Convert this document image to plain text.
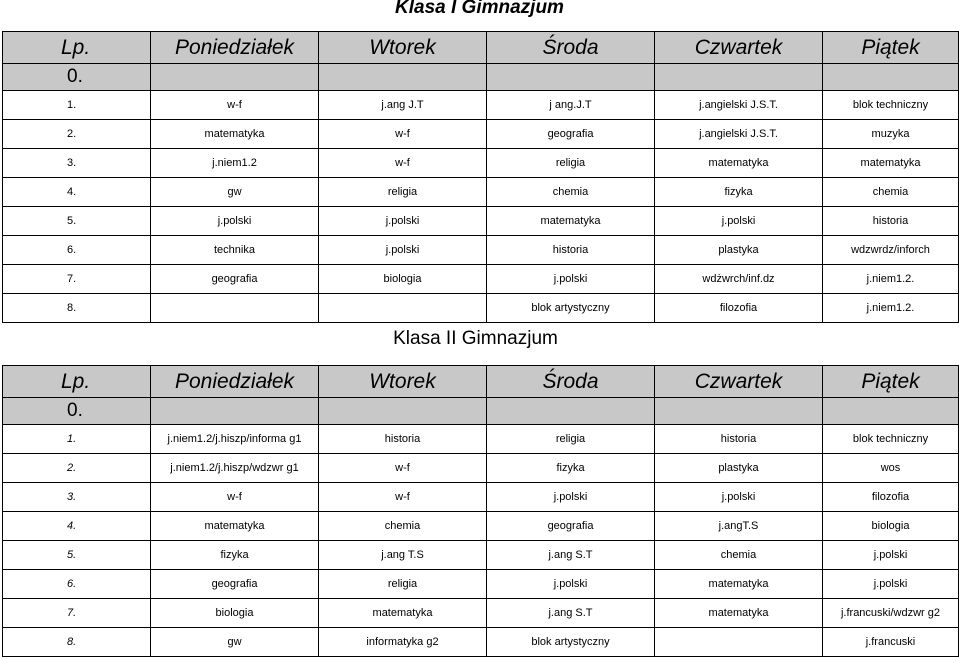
Klasa I Gimnazjum
Lp.	Poniedziałek	Wtorek	Środa	Czwartek	Piątek
0.					
1.	w-f	j.ang J.T	j ang.J.T	j.angielski J.S.T.	blok techniczny
2.	matematyka	w-f	geografia	j.angielski J.S.T.	muzyka
3.	j.niem1.2	w-f	religia	matematyka	matematyka
4.	gw	religia	chemia	fizyka	chemia
5.	j.polski	j.polski	matematyka	j.polski	historia
6.	technika	j.polski	historia	plastyka	wdzwrdz/inforch
7.	geografia	biologia	j.polski	wdżwrch/inf.dz	j.niem1.2.
8.			blok artystyczny	filozofia	j.niem1.2.
Klasa II Gimnazjum
Lp.	Poniedziałek	Wtorek	Środa	Czwartek	Piątek
0.					
1.	j.niem1.2/j.hiszp/informa g1	historia	religia	historia	blok techniczny
2.	j.niem1.2/j.hiszp/wdzwr g1	w-f	fizyka	plastyka	wos
3.	w-f	w-f	j.polski	j.polski	filozofia
4.	matematyka	chemia	geografia	j.angT.S	biologia
5.	fizyka	j.ang T.S	j.ang S.T	chemia	j.polski
6.	geografia	religia	j.polski	matematyka	j.polski
7.	biologia	matematyka	j.ang S.T	matematyka	j.francuski/wdzwr g2
8.	gw	informatyka g2	blok artystyczny		j.francuski
